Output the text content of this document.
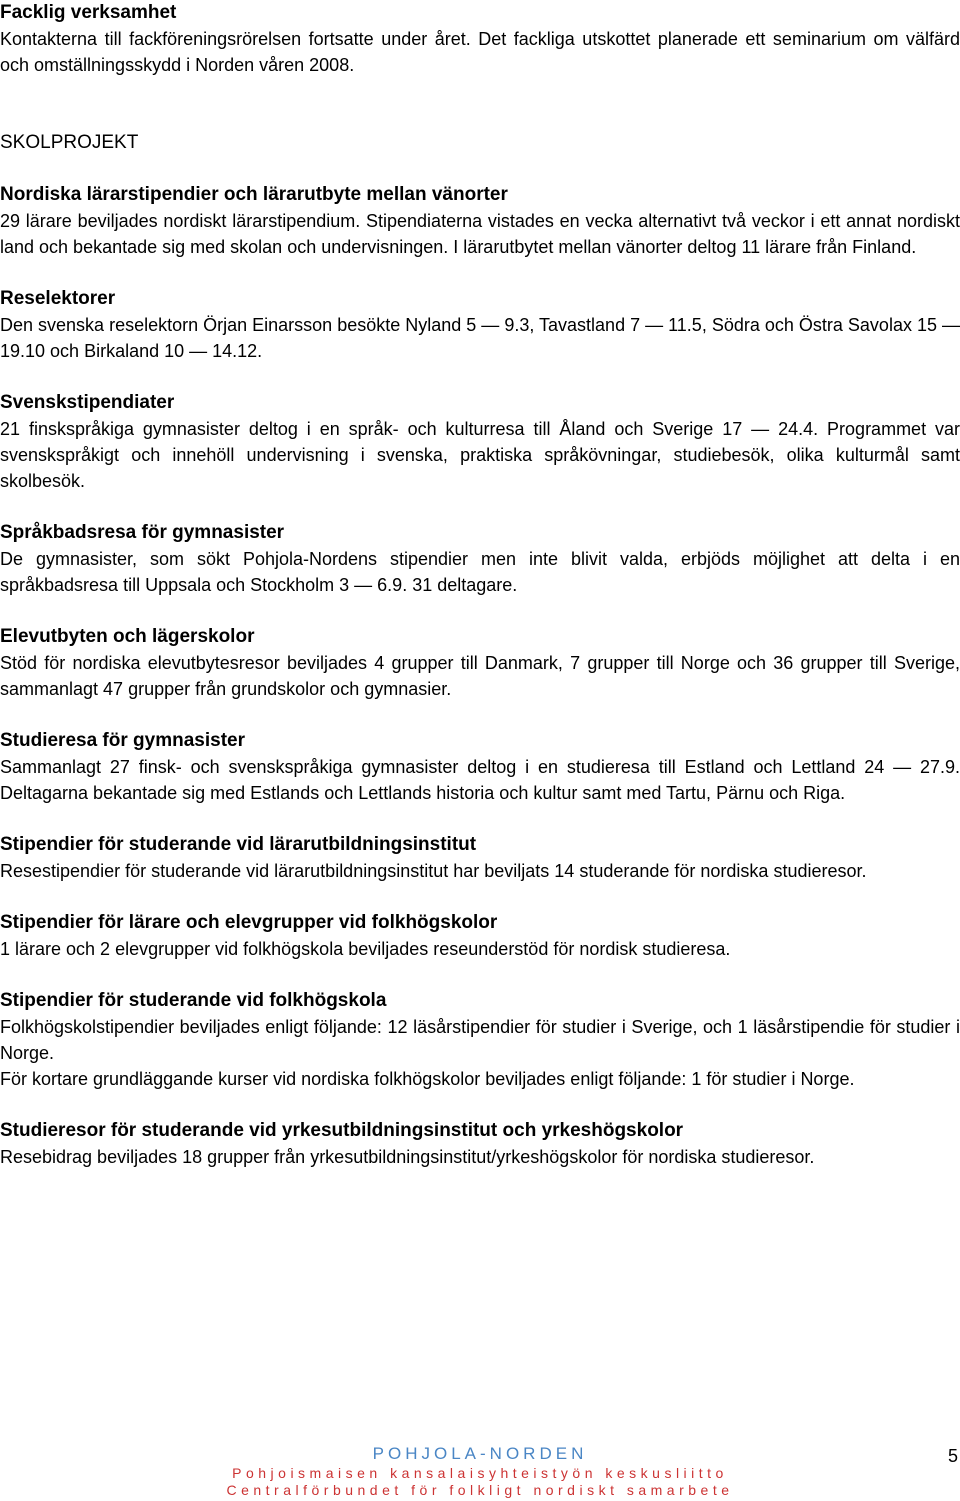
Facklig verksamhet

Kontakterna till fackföreningsrörelsen fortsatte under året. Det fackliga utskottet planerade ett seminarium om välfärd och omställningsskydd i Norden våren 2008.

SKOLPROJEKT
Nordiska lärarstipendier och lärarutbyte mellan vänorter

29 lärare beviljades nordiskt lärarstipendium. Stipendiaterna vistades en vecka alternativt två veckor i ett annat nordiskt land och bekantade sig med skolan och undervisningen. I lärarutbytet mellan vänorter deltog 11 lärare från Finland.

Reselektorer

Den svenska reselektorn Örjan Einarsson besökte Nyland 5 — 9.3, Tavastland 7 — 11.5, Södra och Östra Savolax 15 — 19.10 och Birkaland 10 — 14.12.

Svenskstipendiater

21 finskspråkiga gymnasister deltog i en språk- och kulturresa till Åland och Sverige 17 — 24.4. Programmet var svenskspråkigt och innehöll undervisning i svenska, praktiska språkövningar, studiebesök, olika kulturmål samt skolbesök.

Språkbadsresa för gymnasister

De gymnasister, som sökt Pohjola-Nordens stipendier men inte blivit valda, erbjöds möjlighet att delta i en språkbadsresa till Uppsala och Stockholm 3 — 6.9. 31 deltagare.

Elevutbyten och lägerskolor

Stöd för nordiska elevutbytesresor beviljades 4 grupper till Danmark, 7 grupper till Norge och 36 grupper till Sverige, sammanlagt 47 grupper från grundskolor och gymnasier.

Studieresa för gymnasister

Sammanlagt 27 finsk- och svenskspråkiga gymnasister deltog i en studieresa till Estland och Lettland 24 — 27.9. Deltagarna bekantade sig med Estlands och Lettlands historia och kultur samt med Tartu, Pärnu och Riga.

Stipendier för studerande vid lärarutbildningsinstitut

Resestipendier för studerande vid lärarutbildningsinstitut har beviljats 14 studerande för nordiska studieresor.

Stipendier för lärare och elevgrupper vid folkhögskolor

1 lärare och 2 elevgrupper vid folkhögskola beviljades reseunderstöd för nordisk studieresa.

Stipendier för studerande vid folkhögskola

Folkhögskolstipendier beviljades enligt följande: 12 läsårstipendier för studier i Sverige, och 1 läsårstipendie för studier i Norge.

För kortare grundläggande kurser vid nordiska folkhögskolor beviljades enligt följande: 1 för studier i Norge.

Studieresor för studerande vid yrkesutbildningsinstitut och yrkeshögskolor

Resebidrag beviljades 18 grupper från yrkesutbildningsinstitut/yrkeshögskolor för nordiska studieresor.

POHJOLA-NORDEN
Pohjoismaisen kansalaisyhteistyön keskusliitto
Centralförbundet för folkligt nordiskt samarbete
5
